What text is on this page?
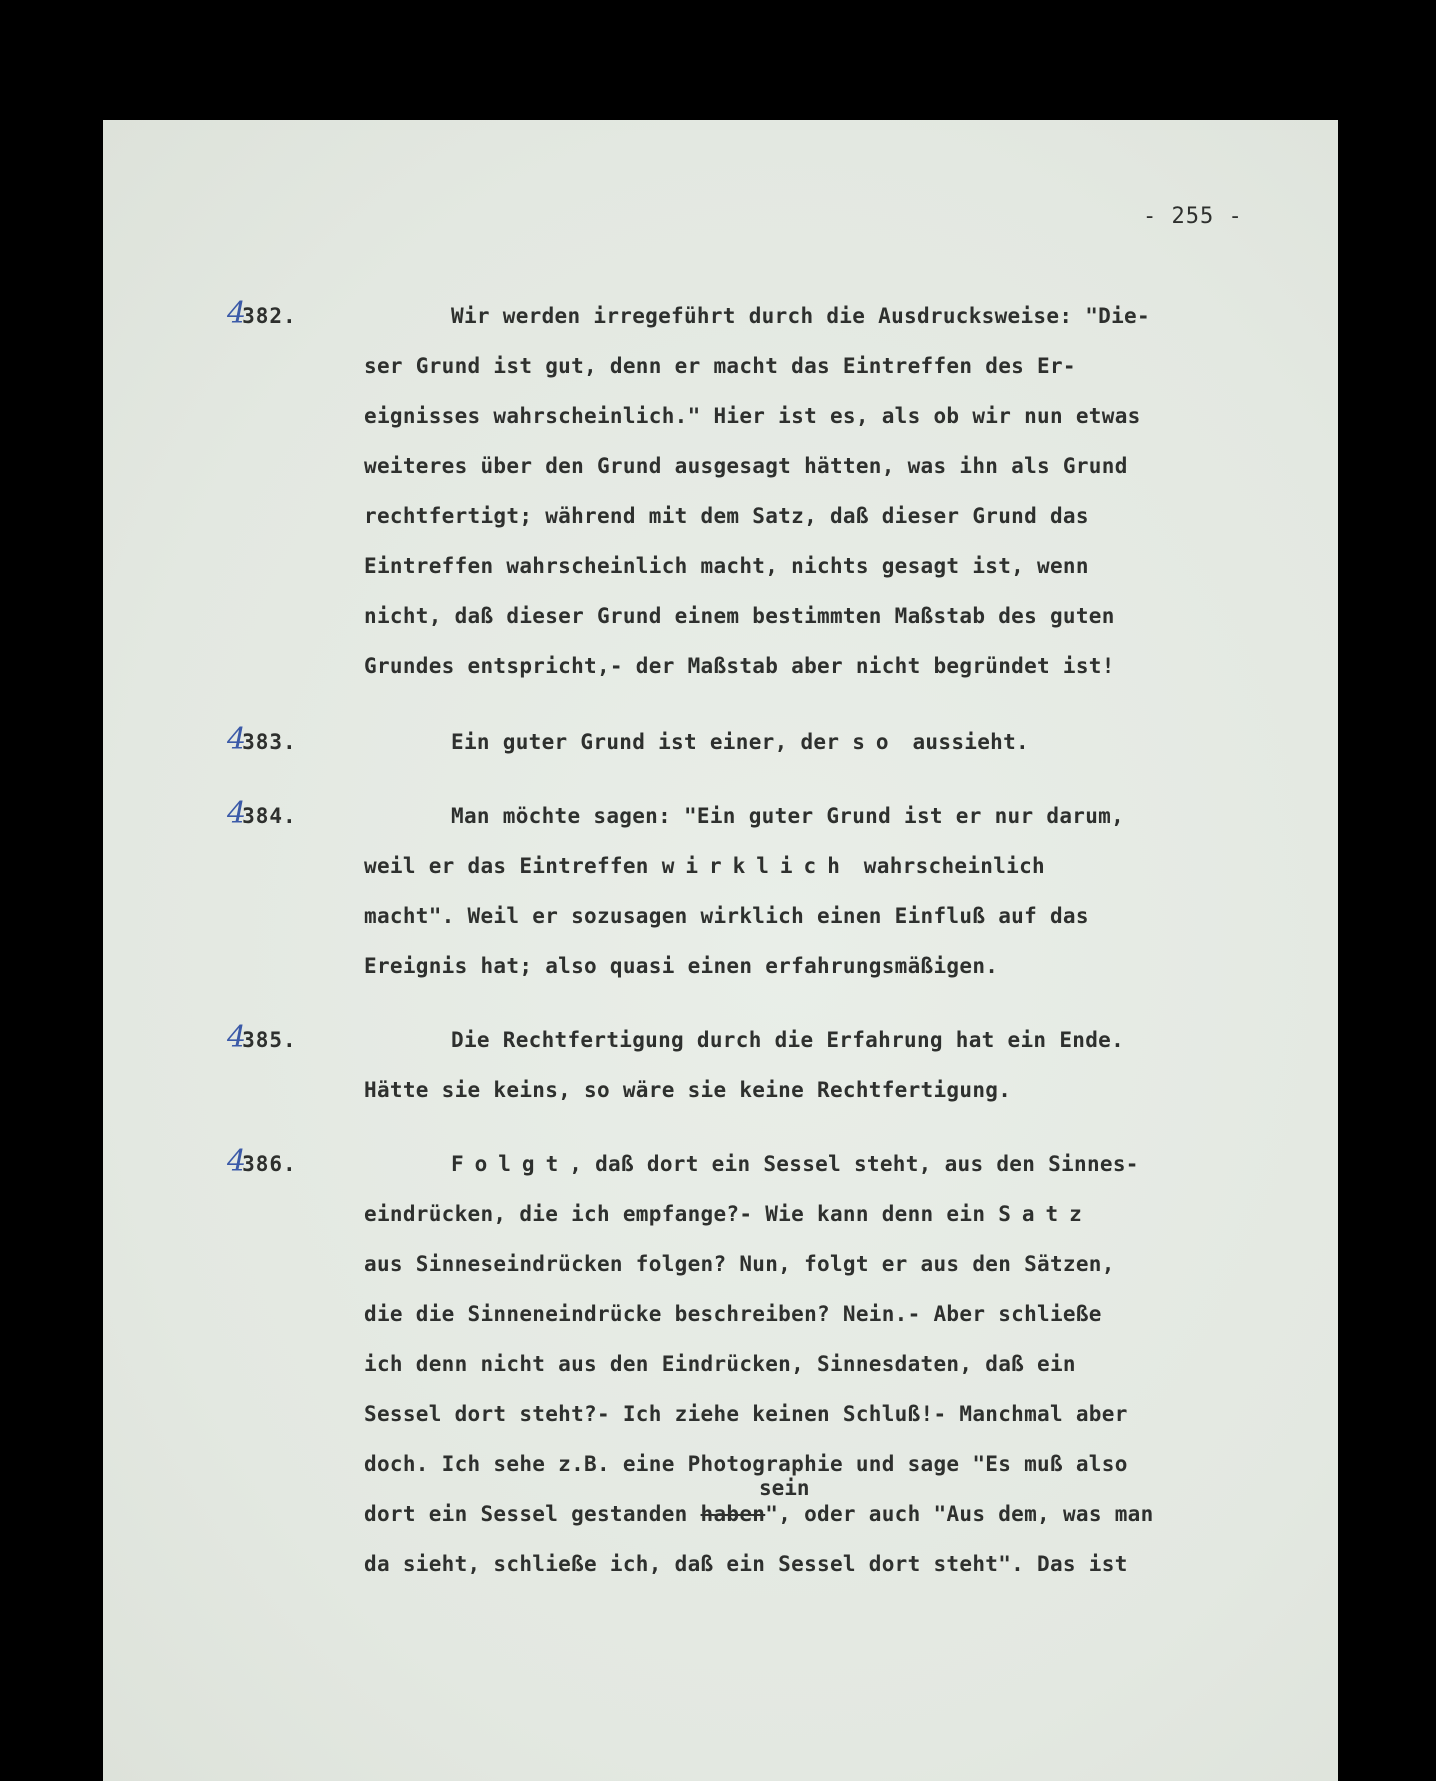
- 255 -
4382.	Wir werden irregeführt durch die Ausdrucksweise: "Die-
ser Grund ist gut, denn er macht das Eintreffen des Er-
eignisses wahrscheinlich." Hier ist es, als ob wir nun etwas
weiteres über den Grund ausgesagt hätten, was ihn als Grund
rechtfertigt; während mit dem Satz, daß dieser Grund das
Eintreffen wahrscheinlich macht, nichts gesagt ist, wenn
nicht, daß dieser Grund einem bestimmten Maßstab des guten
Grundes entspricht,- der Maßstab aber nicht begründet ist!
4383.	Ein guter Grund ist einer, der so aussieht.
4384.	Man möchte sagen: "Ein guter Grund ist er nur darum,
weil er das Eintreffen wirklich wahrscheinlich
macht". Weil er sozusagen wirklich einen Einfluß auf das
Ereignis hat; also quasi einen erfahrungsmäßigen.
4385.	Die Rechtfertigung durch die Erfahrung hat ein Ende.
Hätte sie keins, so wäre sie keine Rechtfertigung.
4386.	Folgt, daß dort ein Sessel steht, aus den Sinnes-
eindrücken, die ich empfange?- Wie kann denn ein Satz
aus Sinneseindrücken folgen? Nun, folgt er aus den Sätzen,
die die Sinneneindrücke beschreiben? Nein.- Aber schließe
ich denn nicht aus den Eindrücken, Sinnesdaten, daß ein
Sessel dort steht?- Ich ziehe keinen Schluß!- Manchmal aber
doch. Ich sehe z.B. eine Photographie und sage "Es muß also
sein
dort ein Sessel gestanden haben", oder auch "Aus dem, was man
da sieht, schließe ich, daß ein Sessel dort steht". Das ist
